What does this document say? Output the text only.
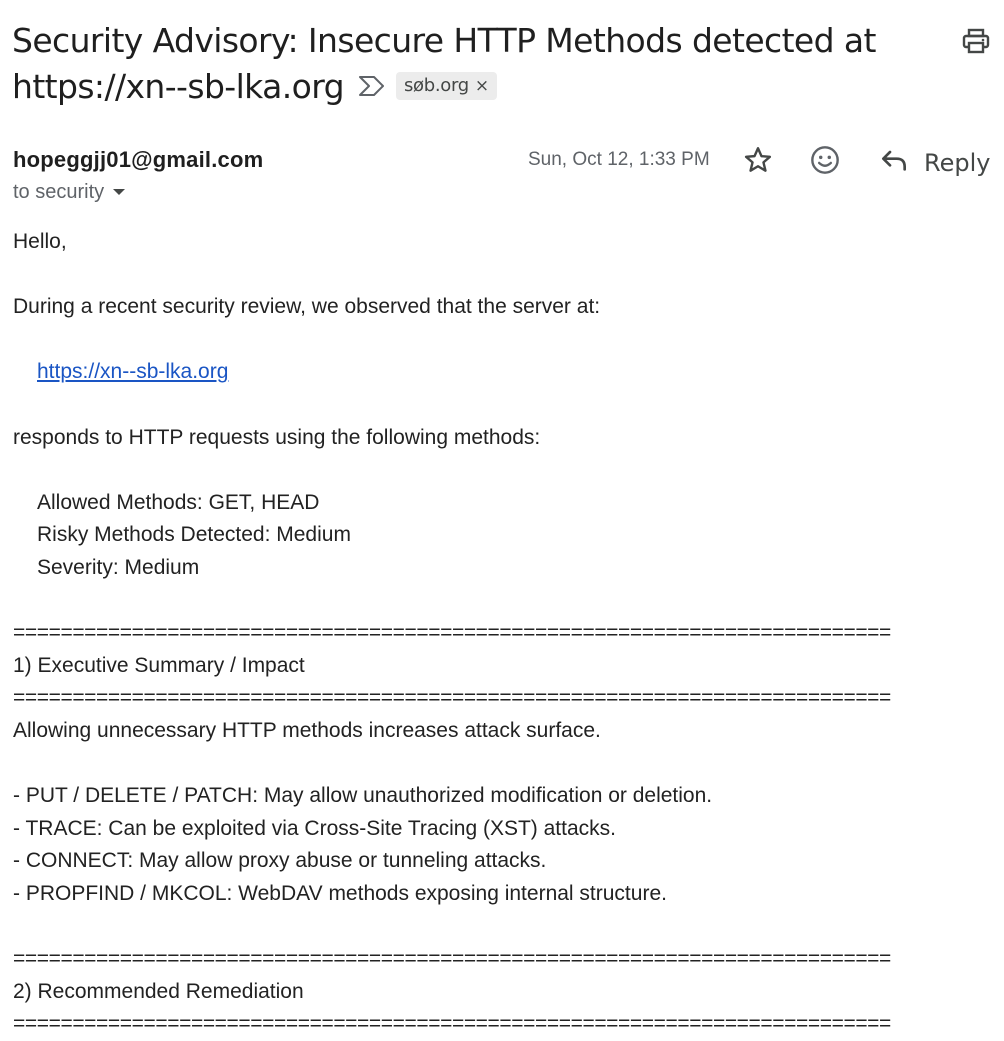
Security Advisory: Insecure HTTP Methods detected at https://xn--sb-lka.org	søb.org ×
hopeggjj01@gmail.com
to security
Sun, Oct 12, 1:33 PM	Reply
Hello,
During a recent security review, we observed that the server at:
https://xn--sb-lka.org
responds to HTTP requests using the following methods:
Allowed Methods: GET, HEAD
Risky Methods Detected: Medium
Severity: Medium
==========================================================================
1) Executive Summary / Impact
==========================================================================
Allowing unnecessary HTTP methods increases attack surface.
- PUT / DELETE / PATCH: May allow unauthorized modification or deletion.
- TRACE: Can be exploited via Cross-Site Tracing (XST) attacks.
- CONNECT: May allow proxy abuse or tunneling attacks.
- PROPFIND / MKCOL: WebDAV methods exposing internal structure.
==========================================================================
2) Recommended Remediation
==========================================================================
